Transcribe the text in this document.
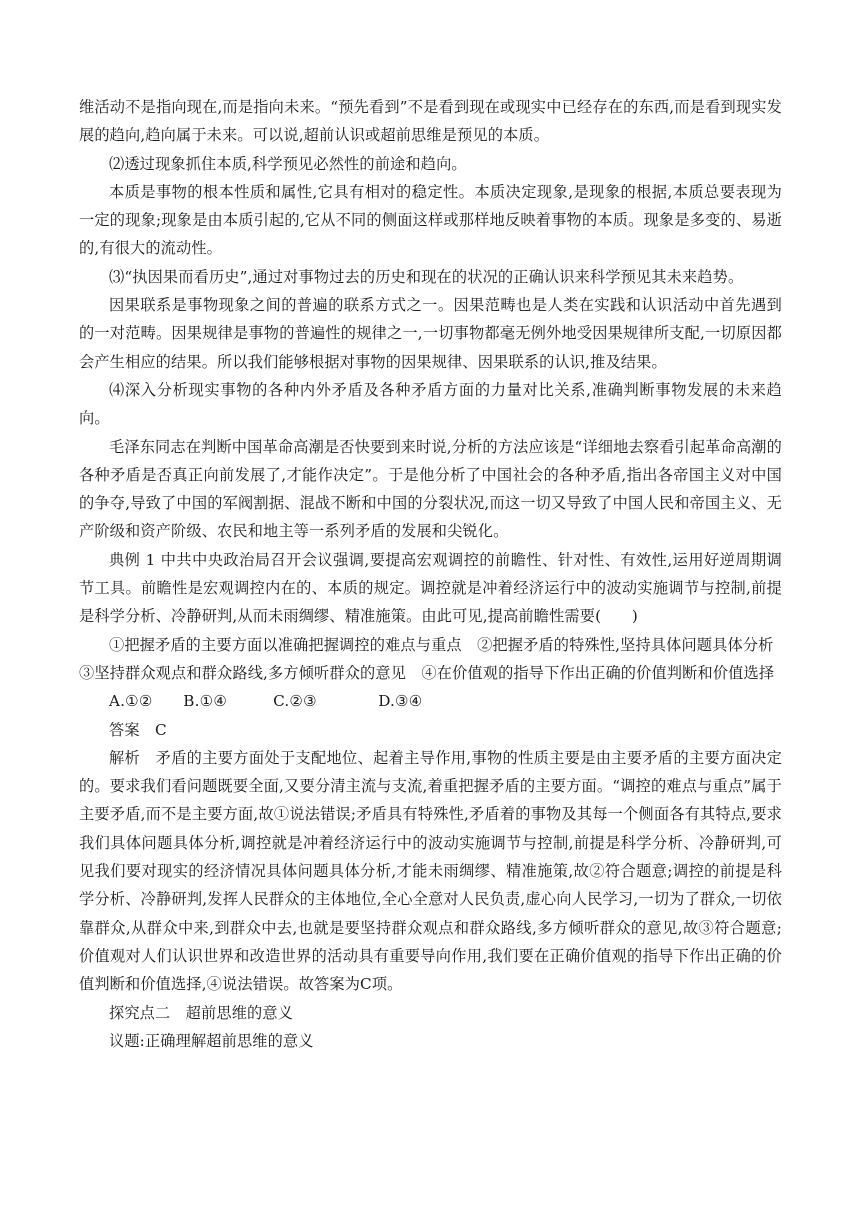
维活动不是指向现在,而是指向未来。“预先看到”不是看到现在或现实中已经存在的东西,而是看到现实发展的趋向,趋向属于未来。可以说,超前认识或超前思维是预见的本质。

⑵透过现象抓住本质,科学预见必然性的前途和趋向。

本质是事物的根本性质和属性,它具有相对的稳定性。本质决定现象,是现象的根据,本质总要表现为一定的现象;现象是由本质引起的,它从不同的侧面这样或那样地反映着事物的本质。现象是多变的、易逝的,有很大的流动性。

⑶“执因果而看历史”,通过对事物过去的历史和现在的状况的正确认识来科学预见其未来趋势。

因果联系是事物现象之间的普遍的联系方式之一。因果范畴也是人类在实践和认识活动中首先遇到的一对范畴。因果规律是事物的普遍性的规律之一,一切事物都毫无例外地受因果规律所支配,一切原因都会产生相应的结果。所以我们能够根据对事物的因果规律、因果联系的认识,推及结果。

⑷深入分析现实事物的各种内外矛盾及各种矛盾方面的力量对比关系,准确判断事物发展的未来趋向。

毛泽东同志在判断中国革命高潮是否快要到来时说,分析的方法应该是“详细地去察看引起革命高潮的各种矛盾是否真正向前发展了,才能作决定”。于是他分析了中国社会的各种矛盾,指出各帝国主义对中国的争夺,导致了中国的军阀割据、混战不断和中国的分裂状况,而这一切又导致了中国人民和帝国主义、无产阶级和资产阶级、农民和地主等一系列矛盾的发展和尖锐化。

典例 1 中共中央政治局召开会议强调,要提高宏观调控的前瞻性、针对性、有效性,运用好逆周期调节工具。前瞻性是宏观调控内在的、本质的规定。调控就是冲着经济运行中的波动实施调节与控制,前提是科学分析、冷静研判,从而未雨绸缪、精准施策。由此可见,提高前瞻性需要(　　)

①把握矛盾的主要方面以准确把握调控的难点与重点　②把握矛盾的特殊性,坚持具体问题具体分析

③坚持群众观点和群众路线,多方倾听群众的意见　④在价值观的指导下作出正确的价值判断和价值选择

A.①②　　B.①④　　　C.②③　　　　D.③④

答案　C

解析　矛盾的主要方面处于支配地位、起着主导作用,事物的性质主要是由主要矛盾的主要方面决定的。要求我们看问题既要全面,又要分清主流与支流,着重把握矛盾的主要方面。“调控的难点与重点”属于主要矛盾,而不是主要方面,故①说法错误;矛盾具有特殊性,矛盾着的事物及其每一个侧面各有其特点,要求我们具体问题具体分析,调控就是冲着经济运行中的波动实施调节与控制,前提是科学分析、冷静研判,可见我们要对现实的经济情况具体问题具体分析,才能未雨绸缪、精准施策,故②符合题意;调控的前提是科学分析、冷静研判,发挥人民群众的主体地位,全心全意对人民负责,虚心向人民学习,一切为了群众,一切依靠群众,从群众中来,到群众中去,也就是要坚持群众观点和群众路线,多方倾听群众的意见,故③符合题意;价值观对人们认识世界和改造世界的活动具有重要导向作用,我们要在正确价值观的指导下作出正确的价值判断和价值选择,④说法错误。故答案为C项。

探究点二　超前思维的意义

议题:正确理解超前思维的意义
